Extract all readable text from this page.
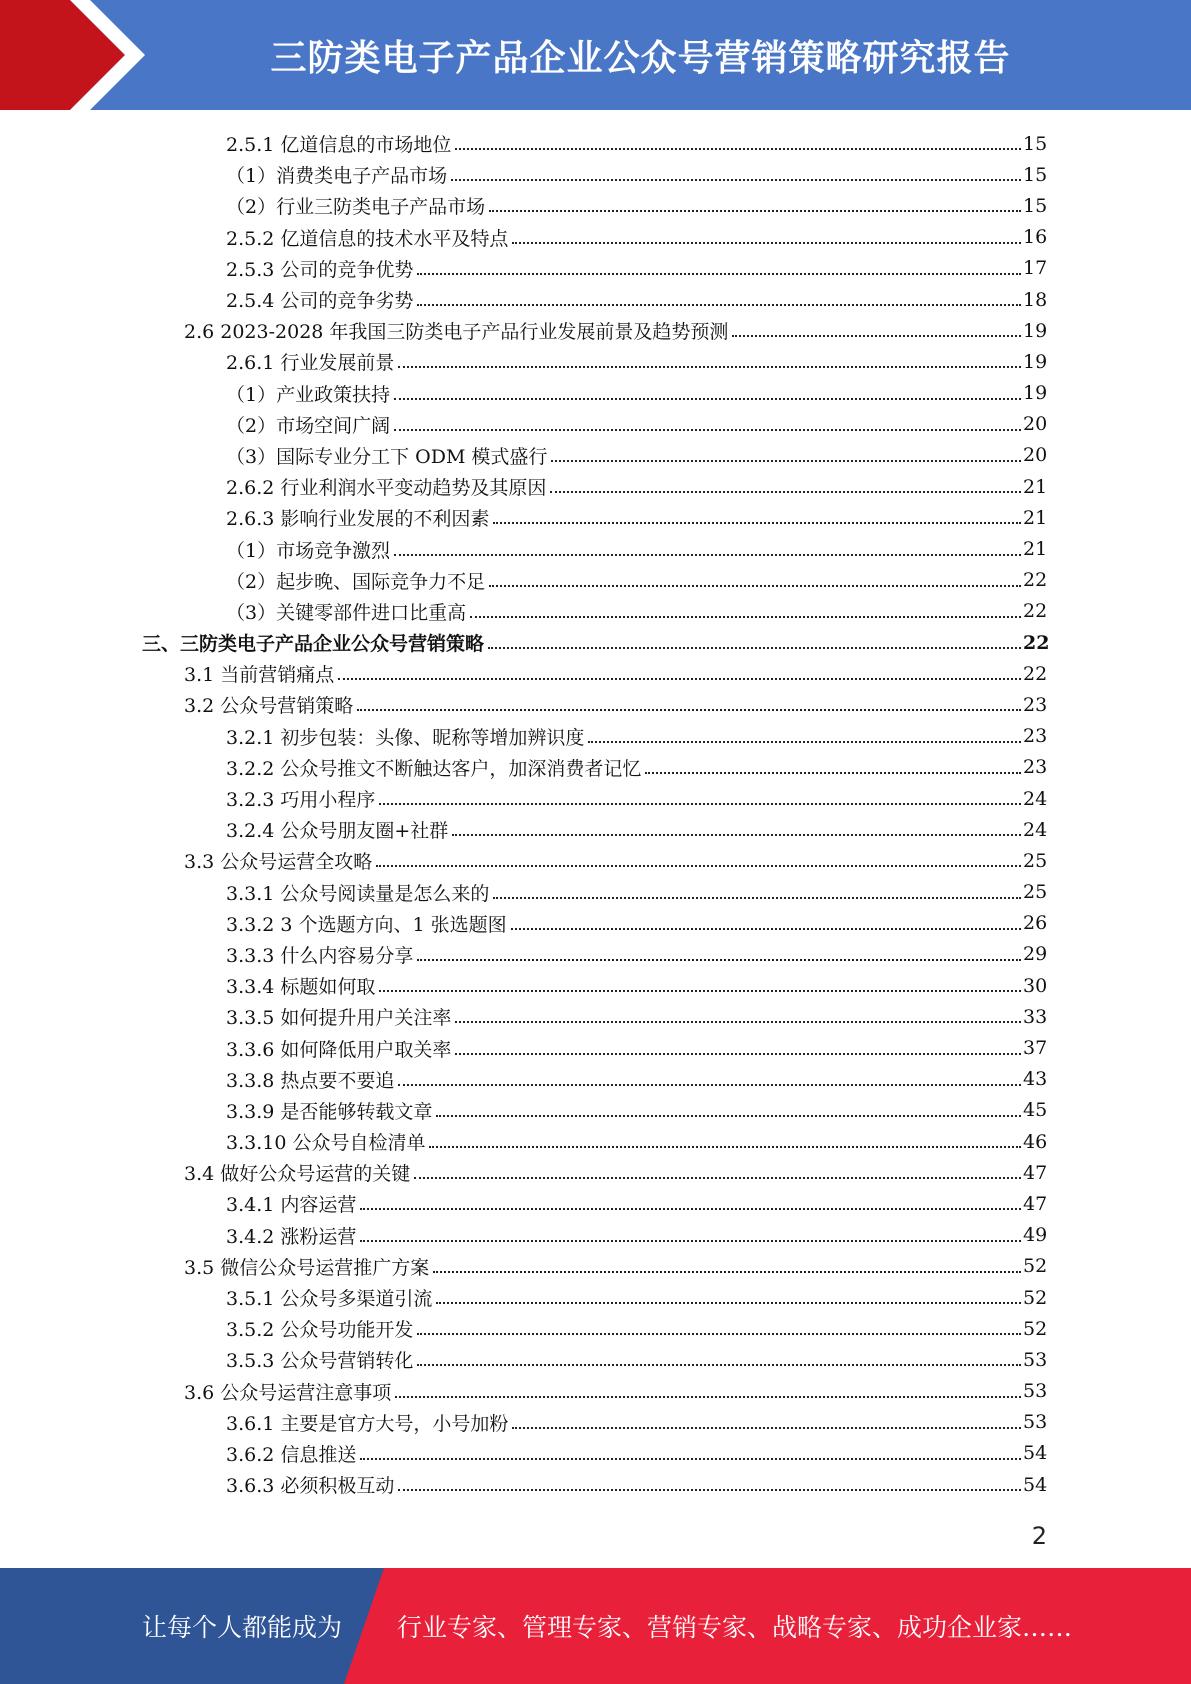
三防类电子产品企业公众号营销策略研究报告
2.5.1 亿道信息的市场地位	15
（1）消费类电子产品市场	15
（2）行业三防类电子产品市场	15
2.5.2 亿道信息的技术水平及特点	16
2.5.3 公司的竞争优势	17
2.5.4 公司的竞争劣势	18
2.6 2023-2028 年我国三防类电子产品行业发展前景及趋势预测	19
2.6.1 行业发展前景	19
（1）产业政策扶持	19
（2）市场空间广阔	20
（3）国际专业分工下 ODM 模式盛行	20
2.6.2 行业利润水平变动趋势及其原因	21
2.6.3 影响行业发展的不利因素	21
（1）市场竞争激烈	21
（2）起步晚、国际竞争力不足	22
（3）关键零部件进口比重高	22
三、三防类电子产品企业公众号营销策略	22
3.1 当前营销痛点	22
3.2 公众号营销策略	23
3.2.1 初步包装：头像、昵称等增加辨识度	23
3.2.2 公众号推文不断触达客户，加深消费者记忆	23
3.2.3 巧用小程序	24
3.2.4 公众号朋友圈+社群	24
3.3 公众号运营全攻略	25
3.3.1 公众号阅读量是怎么来的	25
3.3.2 3 个选题方向、1 张选题图	26
3.3.3 什么内容易分享	29
3.3.4 标题如何取	30
3.3.5 如何提升用户关注率	33
3.3.6 如何降低用户取关率	37
3.3.8 热点要不要追	43
3.3.9 是否能够转载文章	45
3.3.10 公众号自检清单	46
3.4 做好公众号运营的关键	47
3.4.1 内容运营	47
3.4.2 涨粉运营	49
3.5 微信公众号运营推广方案	52
3.5.1 公众号多渠道引流	52
3.5.2 公众号功能开发	52
3.5.3 公众号营销转化	53
3.6 公众号运营注意事项	53
3.6.1 主要是官方大号，小号加粉	53
3.6.2 信息推送	54
3.6.3 必须积极互动	54
2
让每个人都能成为 行业专家、管理专家、营销专家、战略专家、成功企业家……
